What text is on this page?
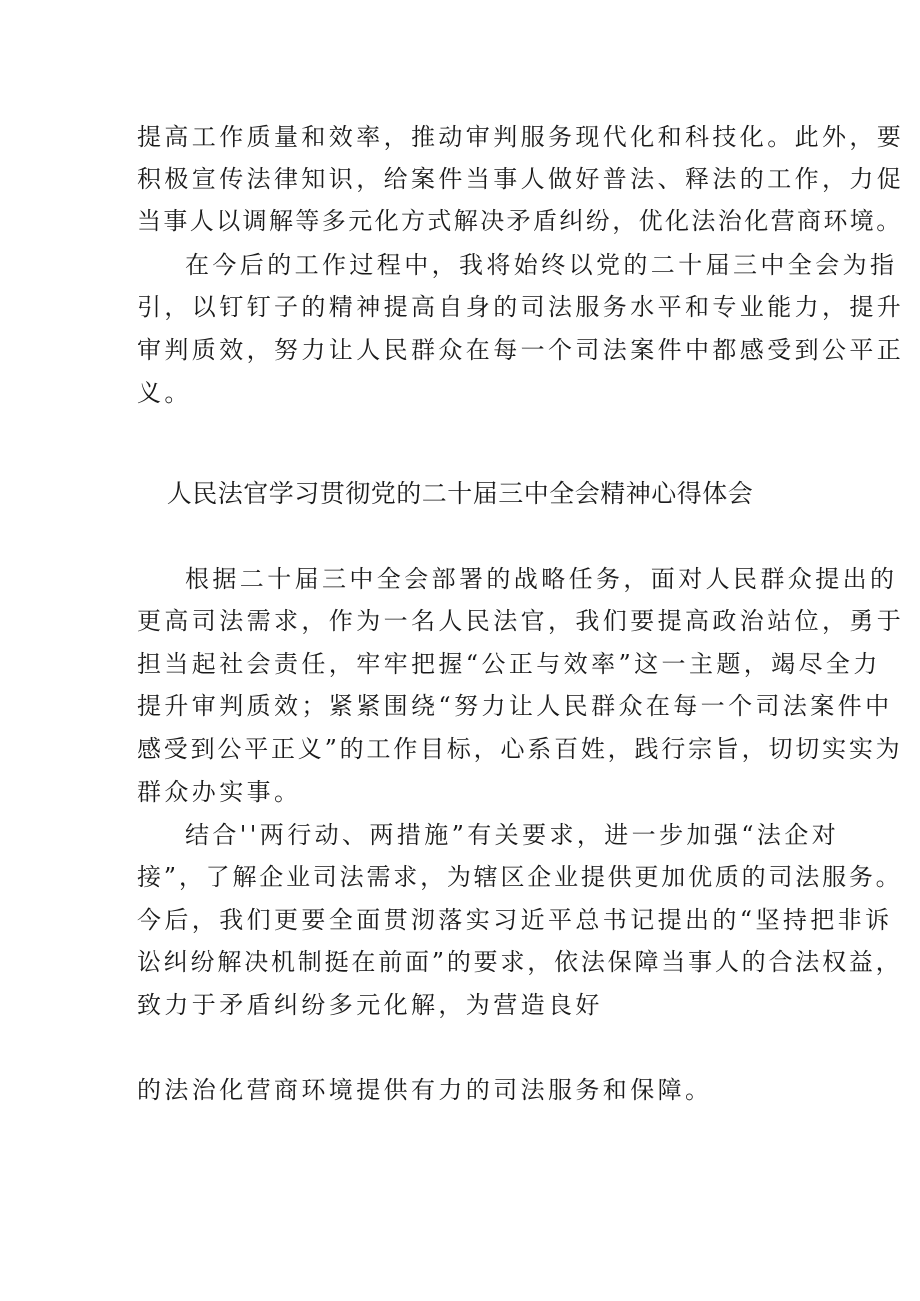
提高工作质量和效率，推动审判服务现代化和科技化。此外，要
积极宣传法律知识，给案件当事人做好普法、释法的工作，力促
当事人以调解等多元化方式解决矛盾纠纷，优化法治化营商环境。
在今后的工作过程中，我将始终以党的二十届三中全会为指
引，以钉钉子的精神提高自身的司法服务水平和专业能力，提升
审判质效，努力让人民群众在每一个司法案件中都感受到公平正
义。
人民法官学习贯彻党的二十届三中全会精神心得体会
根据二十届三中全会部署的战略任务，面对人民群众提出的
更高司法需求，作为一名人民法官，我们要提高政治站位，勇于
担当起社会责任，牢牢把握“公正与效率”这一主题，竭尽全力
提升审判质效；紧紧围绕“努力让人民群众在每一个司法案件中
感受到公平正义”的工作目标，心系百姓，践行宗旨，切切实实为
群众办实事。
结合''两行动、两措施”有关要求，进一步加强“法企对
接”，了解企业司法需求，为辖区企业提供更加优质的司法服务。
今后，我们更要全面贯沏落实习近平总书记提出的“坚持把非诉
讼纠纷解决机制挺在前面”的要求，依法保障当事人的合法权益，
致力于矛盾纠纷多元化解，为营造良好
的法治化营商环境提供有力的司法服务和保障。
